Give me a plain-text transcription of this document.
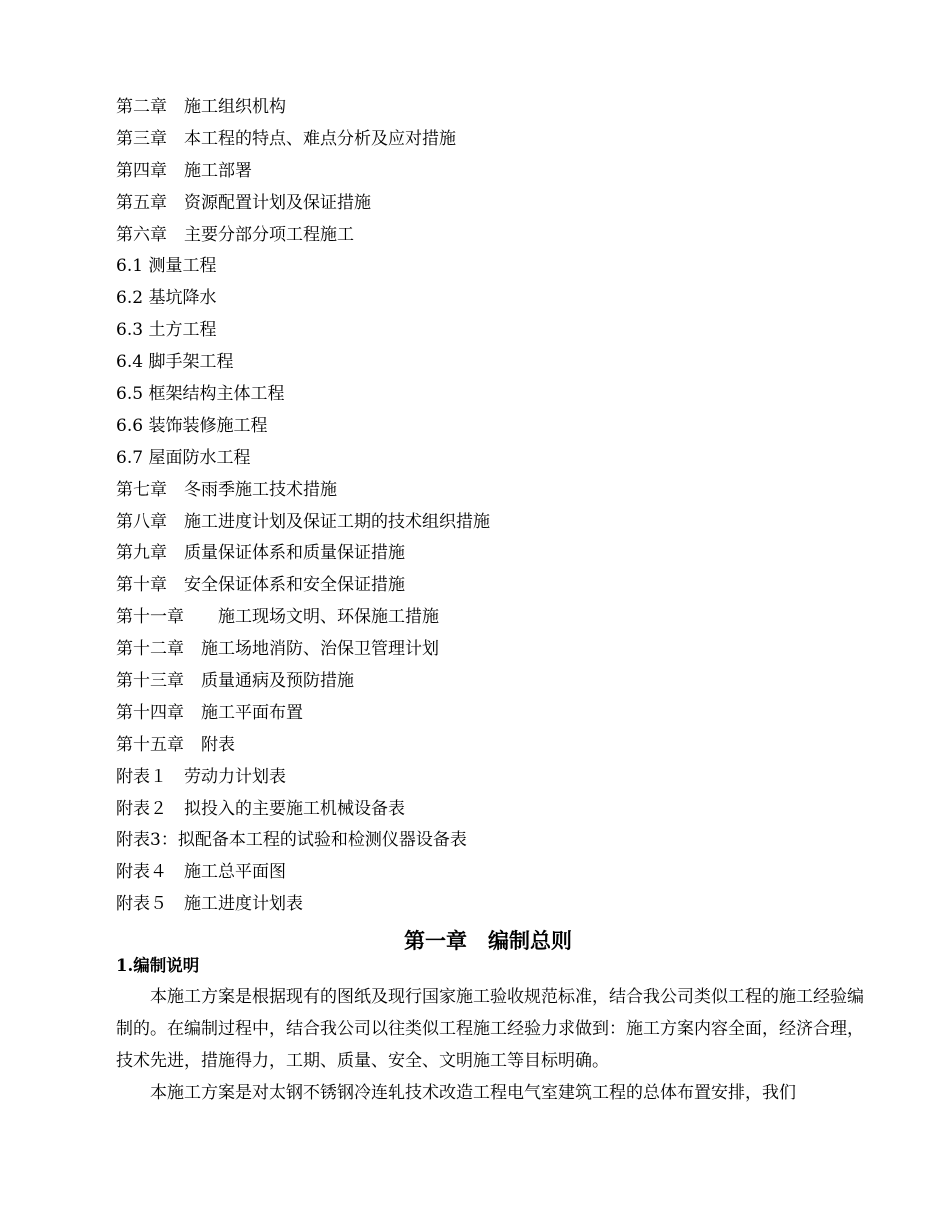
第二章　施工组织机构
第三章　本工程的特点、难点分析及应对措施
第四章　施工部署
第五章　资源配置计划及保证措施
第六章　主要分部分项工程施工
6.1 测量工程
6.2 基坑降水
6.3 土方工程
6.4 脚手架工程
6.5 框架结构主体工程
6.6 装饰装修施工程
6.7 屋面防水工程
第七章　冬雨季施工技术措施
第八章　施工进度计划及保证工期的技术组织措施
第九章　质量保证体系和质量保证措施
第十章　安全保证体系和安全保证措施
第十一章　　施工现场文明、环保施工措施
第十二章　施工场地消防、治保卫管理计划
第十三章　质量通病及预防措施
第十四章　施工平面布置
第十五章　附表
附表１　劳动力计划表
附表２　拟投入的主要施工机械设备表
附表3：拟配备本工程的试验和检测仪器设备表
附表４　施工总平面图
附表５　施工进度计划表
第一章　编制总则
1.编制说明

本施工方案是根据现有的图纸及现行国家施工验收规范标准，结合我公司类似工程的施工经验编制的。在编制过程中，结合我公司以往类似工程施工经验力求做到：施工方案内容全面，经济合理，技术先进，措施得力，工期、质量、安全、文明施工等目标明确。

本施工方案是对太钢不锈钢冷连轧技术改造工程电气室建筑工程的总体布置安排，我们
